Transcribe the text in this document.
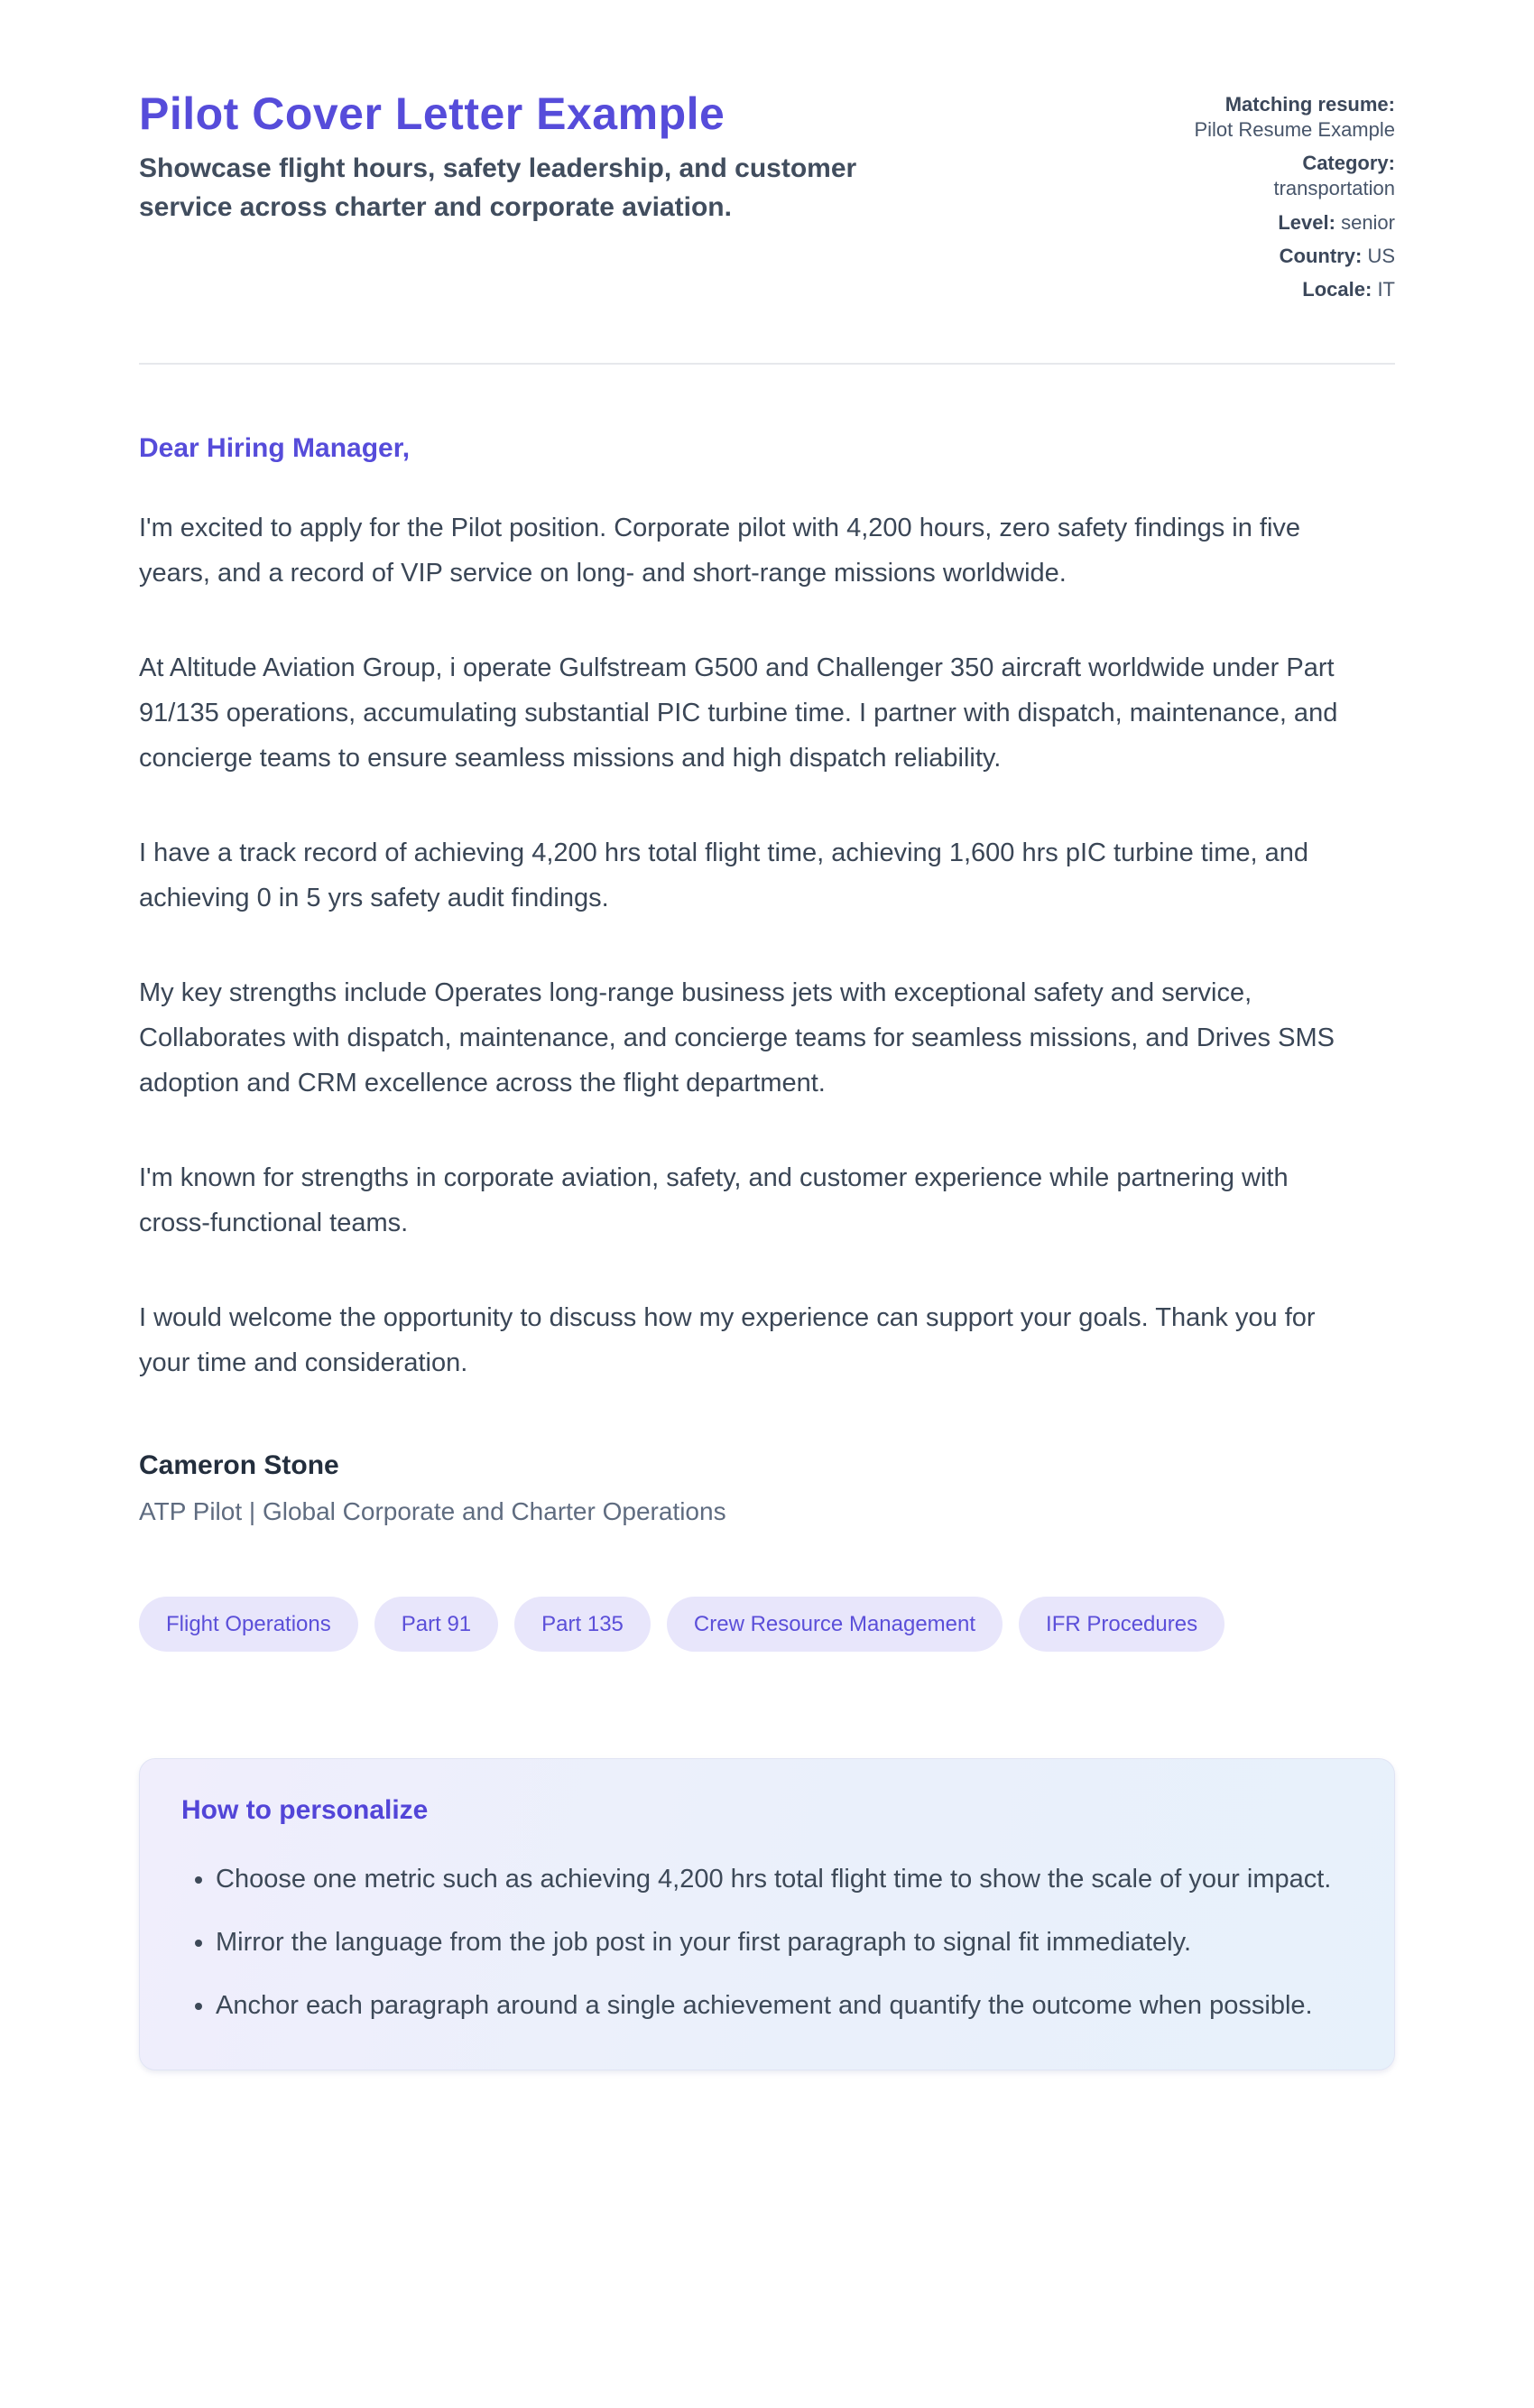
Pilot Cover Letter Example
Showcase flight hours, safety leadership, and customer service across charter and corporate aviation.
Matching resume:
Pilot Resume Example
Category:
transportation
Level: senior
Country: US
Locale: IT
Dear Hiring Manager,

I'm excited to apply for the Pilot position. Corporate pilot with 4,200 hours, zero safety findings in five years, and a record of VIP service on long- and short-range missions worldwide.

At Altitude Aviation Group, i operate Gulfstream G500 and Challenger 350 aircraft worldwide under Part 91/135 operations, accumulating substantial PIC turbine time. I partner with dispatch, maintenance, and concierge teams to ensure seamless missions and high dispatch reliability.

I have a track record of achieving 4,200 hrs total flight time, achieving 1,600 hrs pIC turbine time, and achieving 0 in 5 yrs safety audit findings.

My key strengths include Operates long-range business jets with exceptional safety and service, Collaborates with dispatch, maintenance, and concierge teams for seamless missions, and Drives SMS adoption and CRM excellence across the flight department.

I'm known for strengths in corporate aviation, safety, and customer experience while partnering with cross-functional teams.

I would welcome the opportunity to discuss how my experience can support your goals. Thank you for your time and consideration.

Cameron Stone
ATP Pilot | Global Corporate and Charter Operations
Flight Operations	Part 91	Part 135	Crew Resource Management	IFR Procedures
How to personalize
• Choose one metric such as achieving 4,200 hrs total flight time to show the scale of your impact.
• Mirror the language from the job post in your first paragraph to signal fit immediately.
• Anchor each paragraph around a single achievement and quantify the outcome when possible.
